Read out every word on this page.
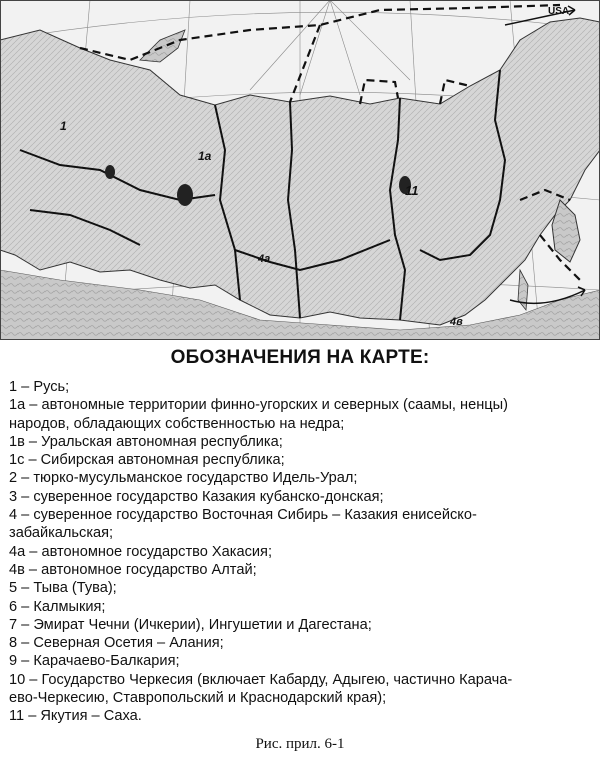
USA
11
1
1а
4а
4в
ОБОЗНАЧЕНИЯ НА КАРТЕ:
1 – Русь;
1а – автономные территории финно-угорских и северных (саамы, ненцы)
народов, обладающих собственностью на недра;
1в – Уральская автономная республика;
1с – Сибирская автономная республика;
2 – тюрко-мусульманское государство Идель-Урал;
3 – суверенное государство Казакия кубанско-донская;
4 – суверенное государство Восточная Сибирь – Казакия енисейско-
забайкальская;
4а – автономное государство Хакасия;
4в – автономное государство Алтай;
5 – Тыва (Тува);
6 – Калмыкия;
7 – Эмират Чечни (Ичкерии), Ингушетии и Дагестана;
8 – Северная Осетия – Алания;
9 – Карачаево-Балкария;
10 – Государство Черкесия (включает Кабарду, Адыгею, частично Карача-
ево-Черкесию, Ставропольский и Краснодарский края);
11 – Якутия – Саха.
Рис. прил. 6-1
